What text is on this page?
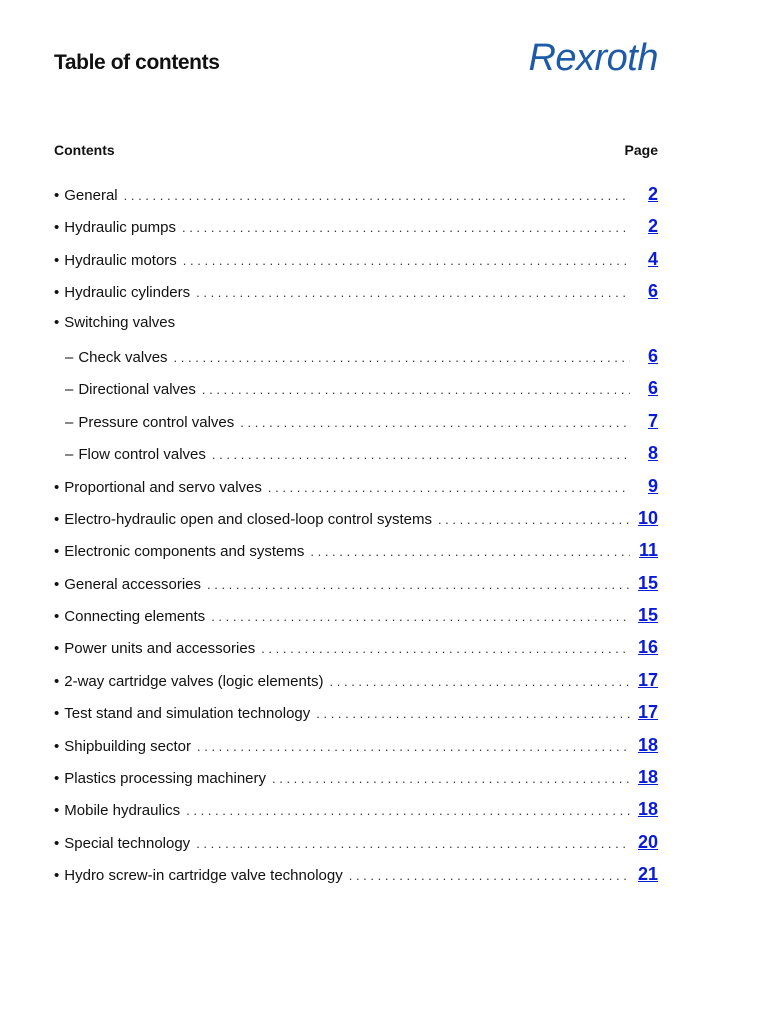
Table of contents	Rexroth
Contents	Page
• General . . .	2
• Hydraulic pumps . . .	2
• Hydraulic motors . . .	4
• Hydraulic cylinders . . .	6
• Switching valves
– Check valves . . .	6
– Directional valves . . .	6
– Pressure control valves . . .	7
– Flow control valves . . .	8
• Proportional and servo valves . . .	9
• Electro-hydraulic open and closed-loop control systems . . .	10
• Electronic components and systems . . .	11
• General accessories . . .	15
• Connecting elements . . .	15
• Power units and accessories . . .	16
• 2-way cartridge valves (logic elements) . . .	17
• Test stand and simulation technology . . .	17
• Shipbuilding sector . . .	18
• Plastics processing machinery . . .	18
• Mobile hydraulics . . .	18
• Special technology . . .	20
• Hydro screw-in cartridge valve technology . . .	21
